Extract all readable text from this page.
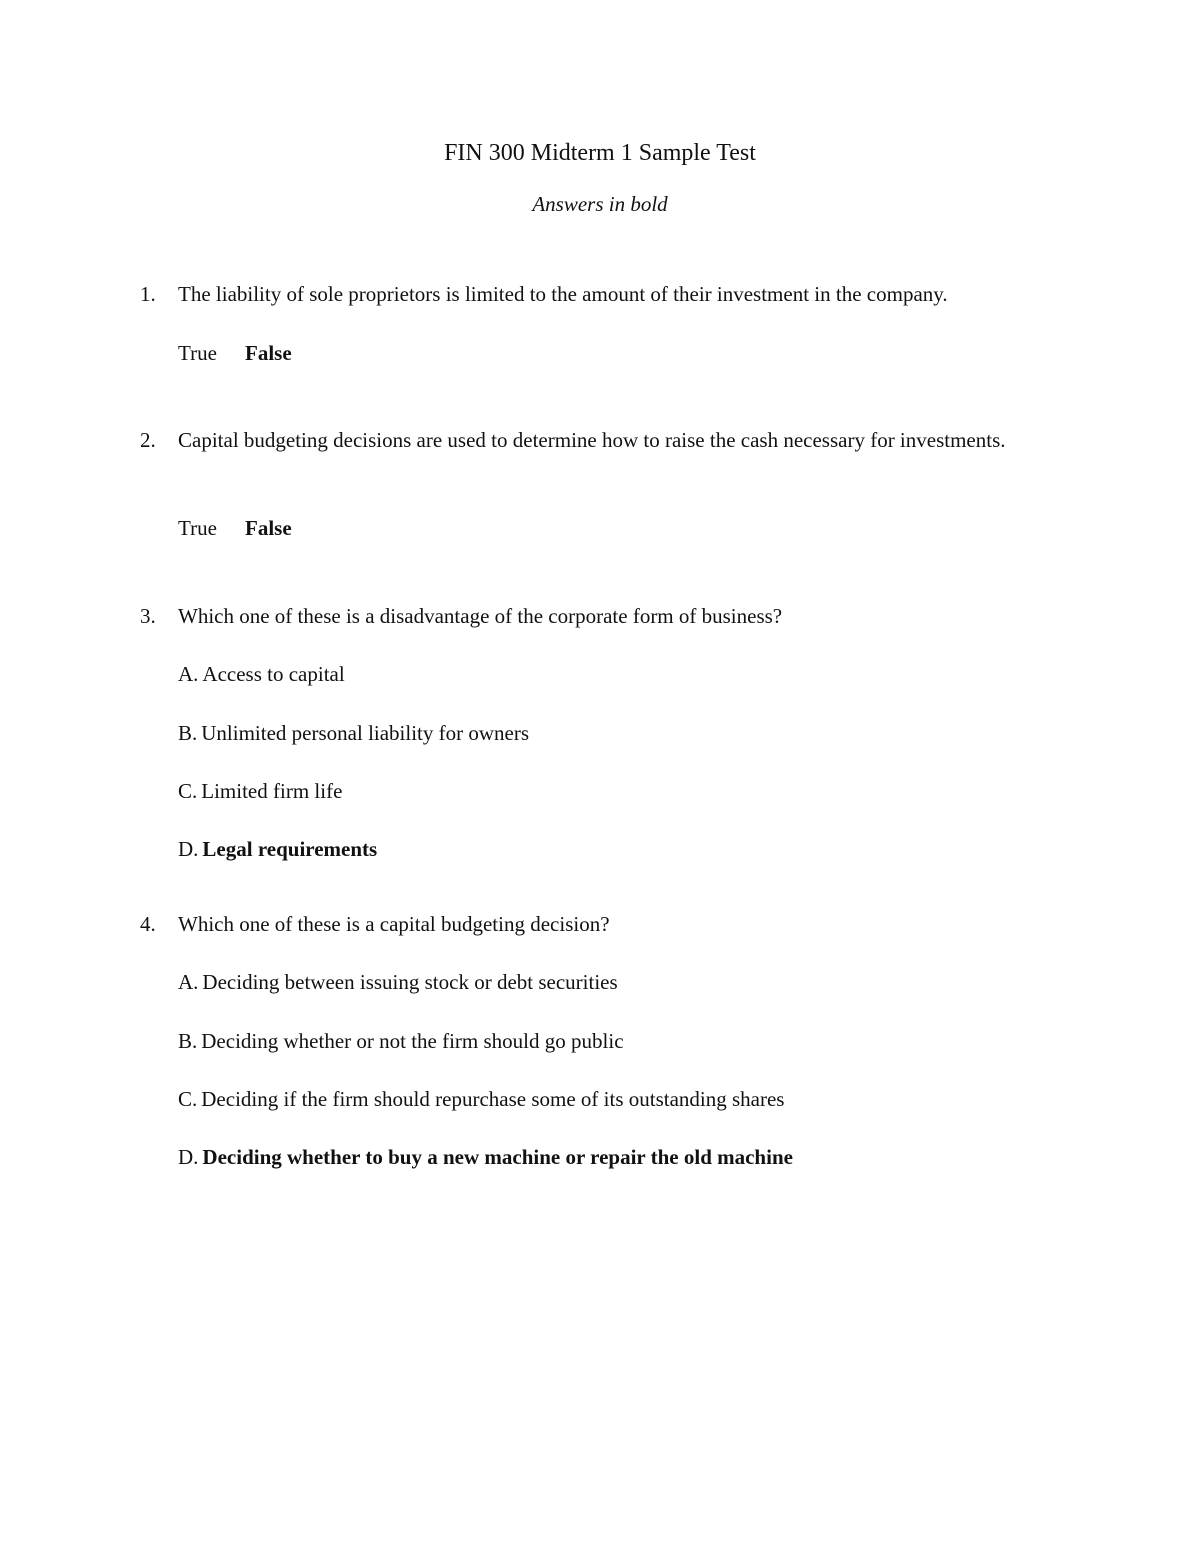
FIN 300 Midterm 1 Sample Test

Answers in bold

1. The liability of sole proprietors is limited to the amount of their investment in the company.
True False
2. Capital budgeting decisions are used to determine how to raise the cash necessary for investments.
True False
3. Which one of these is a disadvantage of the corporate form of business?
A. Access to capital
B. Unlimited personal liability for owners
C. Limited firm life
D. Legal requirements
4. Which one of these is a capital budgeting decision?
A. Deciding between issuing stock or debt securities
B. Deciding whether or not the firm should go public
C. Deciding if the firm should repurchase some of its outstanding shares
D. Deciding whether to buy a new machine or repair the old machine
